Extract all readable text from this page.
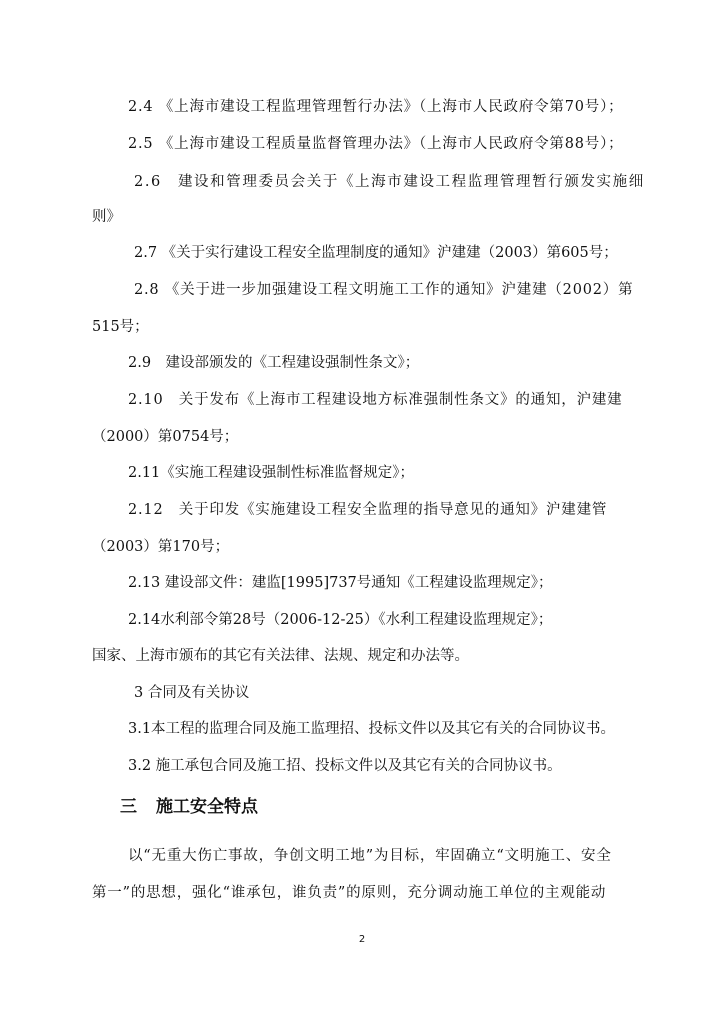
2.4 《上海市建设工程监理管理暂行办法》（上海市人民政府令第70号）；
2.5 《上海市建设工程质量监督管理办法》（上海市人民政府令第88号）；
2.6　建设和管理委员会关于《上海市建设工程监理管理暂行颁发实施细
则》
2.7 《关于实行建设工程安全监理制度的通知》沪建建（2003）第605号；
2.8 《关于进一步加强建设工程文明施工工作的通知》沪建建（2002）第
515号；
2.9　建设部颁发的《工程建设强制性条文》；
2.10　关于发布《上海市工程建设地方标准强制性条文》的通知，沪建建
（2000）第0754号；
2.11《实施工程建设强制性标准监督规定》；
2.12　关于印发《实施建设工程安全监理的指导意见的通知》沪建建管
（2003）第170号；
2.13 建设部文件：建监[1995]737号通知《工程建设监理规定》；
2.14水利部令第28号（2006-12-25）《水利工程建设监理规定》；
国家、上海市颁布的其它有关法律、法规、规定和办法等。
3 合同及有关协议
3.1本工程的监理合同及施工监理招、投标文件以及其它有关的合同协议书。
3.2 施工承包合同及施工招、投标文件以及其它有关的合同协议书。
三 施工安全特点
以“无重大伤亡事故，争创文明工地”为目标，牢固确立“文明施工、安全
第一”的思想，强化“谁承包，谁负责”的原则，充分调动施工单位的主观能动
2
